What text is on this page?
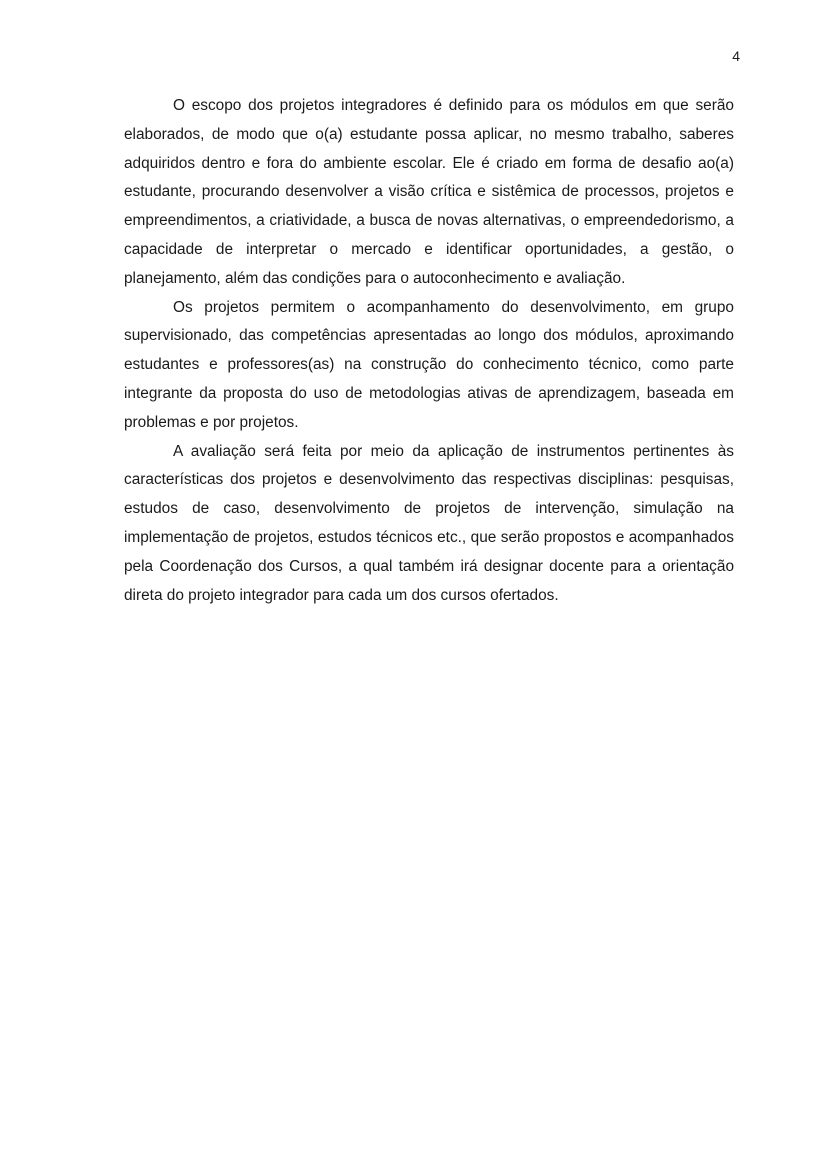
4

O escopo dos projetos integradores é definido para os módulos em que serão elaborados, de modo que o(a) estudante possa aplicar, no mesmo trabalho, saberes adquiridos dentro e fora do ambiente escolar. Ele é criado em forma de desafio ao(a) estudante, procurando desenvolver a visão crítica e sistêmica de processos, projetos e empreendimentos, a criatividade, a busca de novas alternativas, o empreendedorismo, a capacidade de interpretar o mercado e identificar oportunidades, a gestão, o planejamento, além das condições para o autoconhecimento e avaliação.

Os projetos permitem o acompanhamento do desenvolvimento, em grupo supervisionado, das competências apresentadas ao longo dos módulos, aproximando estudantes e professores(as) na construção do conhecimento técnico, como parte integrante da proposta do uso de metodologias ativas de aprendizagem, baseada em problemas e por projetos.

A avaliação será feita por meio da aplicação de instrumentos pertinentes às características dos projetos e desenvolvimento das respectivas disciplinas: pesquisas, estudos de caso, desenvolvimento de projetos de intervenção, simulação na implementação de projetos, estudos técnicos etc., que serão propostos e acompanhados pela Coordenação dos Cursos, a qual também irá designar docente para a orientação direta do projeto integrador para cada um dos cursos ofertados.
